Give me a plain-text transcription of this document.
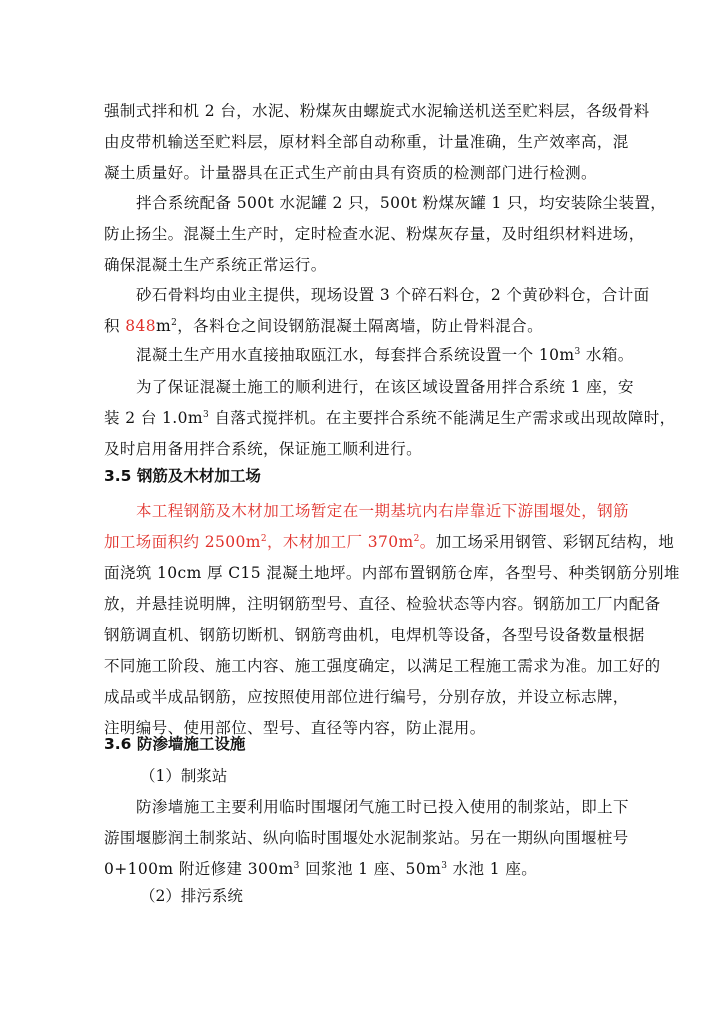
强制式拌和机 2 台，水泥、粉煤灰由螺旋式水泥输送机送至贮料层，各级骨料
由皮带机输送至贮料层，原材料全部自动称重，计量准确，生产效率高，混
凝土质量好。计量器具在正式生产前由具有资质的检测部门进行检测。

拌合系统配备 500t 水泥罐 2 只，500t 粉煤灰罐 1 只，均安装除尘装置，
防止扬尘。混凝土生产时，定时检查水泥、粉煤灰存量，及时组织材料进场，
确保混凝土生产系统正常运行。

砂石骨料均由业主提供，现场设置 3 个碎石料仓，2 个黄砂料仓，合计面
积 $848m^2$，各料仓之间设钢筋混凝土隔离墙，防止骨料混合。

混凝土生产用水直接抽取瓯江水，每套拌合系统设置一个 $10m^3$ 水箱。

为了保证混凝土施工的顺利进行，在该区域设置备用拌合系统 1 座，安
装 2 台 $1.0m^3$ 自落式搅拌机。在主要拌合系统不能满足生产需求或出现故障时，
及时启用备用拌合系统，保证施工顺利进行。

3.5 钢筋及木材加工场

本工程钢筋及木材加工场暂定在一期基坑内右岸靠近下游围堰处，钢筋
加工场面积约 $2500m^2$，木材加工厂 $370m^2$。加工场采用钢管、彩钢瓦结构，地
面浇筑 10cm 厚 C15 混凝土地坪。内部布置钢筋仓库，各型号、种类钢筋分别堆
放，并悬挂说明牌，注明钢筋型号、直径、检验状态等内容。钢筋加工厂内配备
钢筋调直机、钢筋切断机、钢筋弯曲机，电焊机等设备，各型号设备数量根据
不同施工阶段、施工内容、施工强度确定，以满足工程施工需求为准。加工好的
成品或半成品钢筋，应按照使用部位进行编号，分别存放，并设立标志牌，
注明编号、使用部位、型号、直径等内容，防止混用。

3.6 防渗墙施工设施

（1）制浆站

防渗墙施工主要利用临时围堰闭气施工时已投入使用的制浆站，即上下
游围堰膨润土制浆站、纵向临时围堰处水泥制浆站。另在一期纵向围堰桩号
0+100m 附近修建 $300m^3$ 回浆池 1 座、$50m^3$ 水池 1 座。

（2）排污系统
